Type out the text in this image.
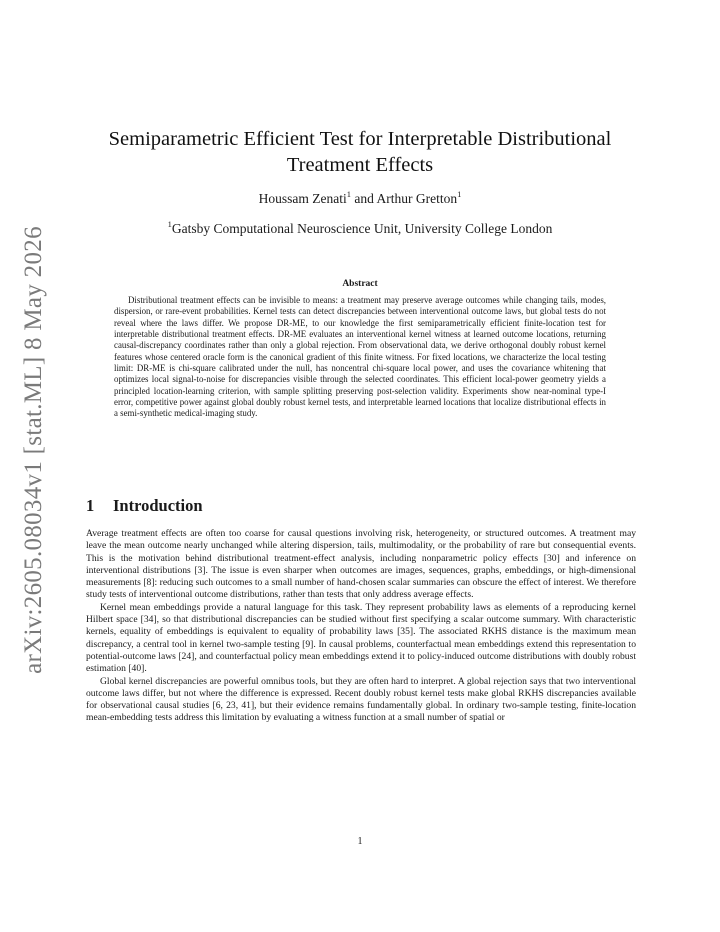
arXiv:2605.08034v1 [stat.ML] 8 May 2026
Semiparametric Efficient Test for Interpretable Distributional
Treatment Effects
Houssam Zenati$^1$ and Arthur Gretton$^1$
$^1$Gatsby Computational Neuroscience Unit, University College London
Abstract
Distributional treatment effects can be invisible to means: a treatment may preserve average outcomes while changing tails, modes, dispersion, or rare-event probabilities. Kernel tests can detect discrepancies between interventional outcome laws, but global tests do not reveal where the laws differ. We propose DR-ME, to our knowledge the first semiparametrically efficient finite-location test for interpretable distributional treatment effects. DR-ME evaluates an interventional kernel witness at learned outcome locations, returning causal-discrepancy coordinates rather than only a global rejection. From observational data, we derive orthogonal doubly robust kernel features whose centered oracle form is the canonical gradient of this finite witness. For fixed locations, we characterize the local testing limit: DR-ME is chi-square calibrated under the null, has noncentral chi-square local power, and uses the covariance whitening that optimizes local signal-to-noise for discrepancies visible through the selected coordinates. This efficient local-power geometry yields a principled location-learning criterion, with sample splitting preserving post-selection validity. Experiments show near-nominal type-I error, competitive power against global doubly robust kernel tests, and interpretable learned locations that localize distributional effects in a semi-synthetic medical-imaging study.
1 Introduction

Average treatment effects are often too coarse for causal questions involving risk, heterogeneity, or structured outcomes. A treatment may leave the mean outcome nearly unchanged while altering dispersion, tails, multimodality, or the probability of rare but consequential events. This is the motivation behind distributional treatment-effect analysis, including nonparametric policy effects [30] and inference on interventional distributions [3]. The issue is even sharper when outcomes are images, sequences, graphs, embeddings, or high-dimensional measurements [8]: reducing such outcomes to a small number of hand-chosen scalar summaries can obscure the effect of interest. We therefore study tests of interventional outcome distributions, rather than tests that only address average effects.

Kernel mean embeddings provide a natural language for this task. They represent probability laws as elements of a reproducing kernel Hilbert space [34], so that distributional discrepancies can be studied without first specifying a scalar outcome summary. With characteristic kernels, equality of embeddings is equivalent to equality of probability laws [35]. The associated RKHS distance is the maximum mean discrepancy, a central tool in kernel two-sample testing [9]. In causal problems, counterfactual mean embeddings extend this representation to potential-outcome laws [24], and counterfactual policy mean embeddings extend it to policy-induced outcome distributions with doubly robust estimation [40].

Global kernel discrepancies are powerful omnibus tools, but they are often hard to interpret. A global rejection says that two interventional outcome laws differ, but not where the difference is expressed. Recent doubly robust kernel tests make global RKHS discrepancies available for observational causal studies [6, 23, 41], but their evidence remains fundamentally global. In ordinary two-sample testing, finite-location mean-embedding tests address this limitation by evaluating a witness function at a small number of spatial or

1
